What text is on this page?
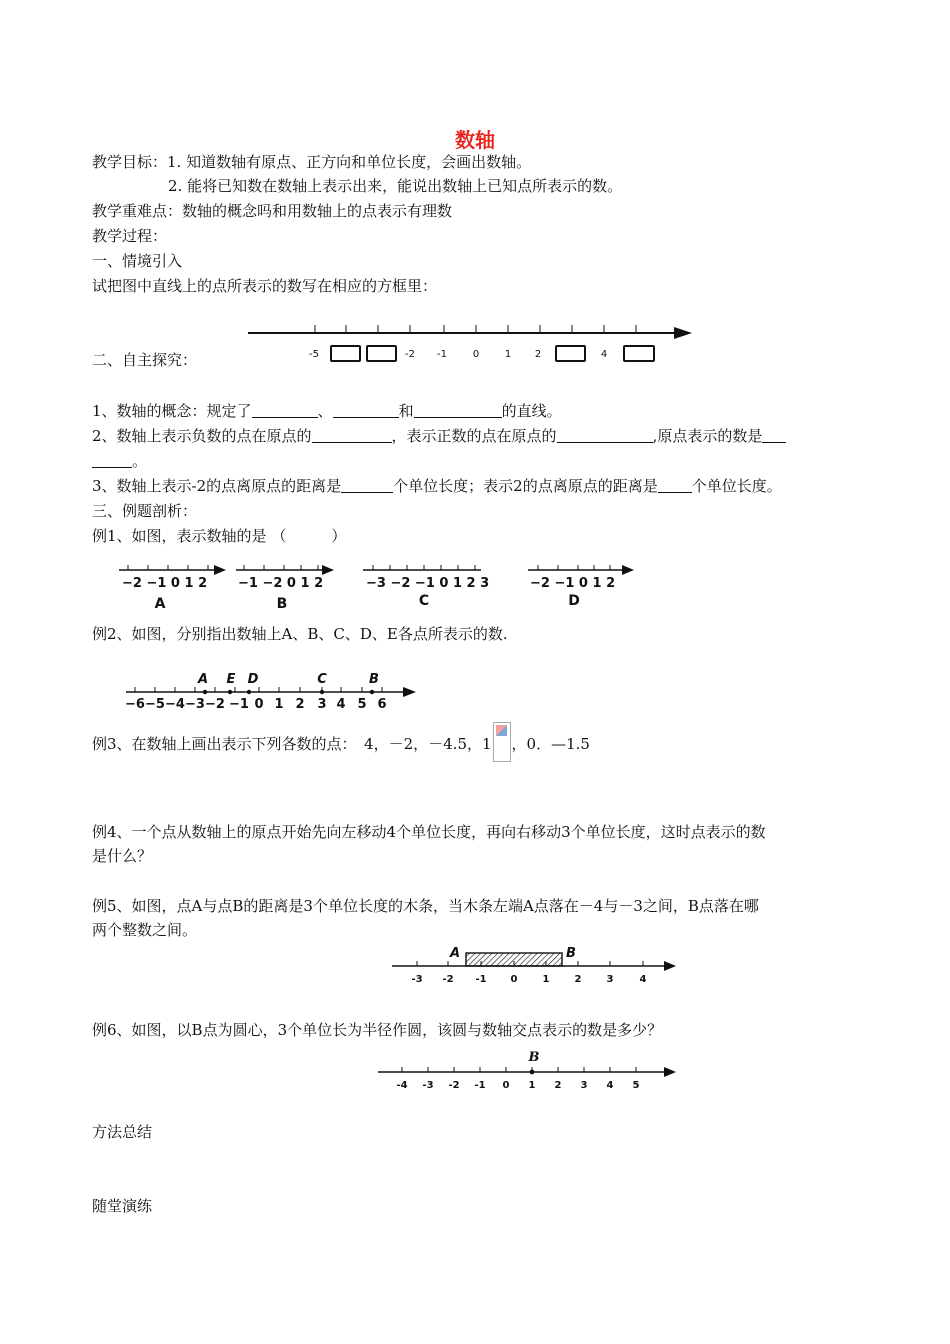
数轴
教学目标：1. 知道数轴有原点、正方向和单位长度，会画出数轴。
2. 能将已知数在数轴上表示出来，能说出数轴上已知点所表示的数。
教学重难点：数轴的概念吗和用数轴上的点表示有理数
教学过程：
一、情境引入
试把图中直线上的点所表示的数写在相应的方框里：
-5	-2 -1	0	1 2	4
二、自主探究：
1、数轴的概念：规定了	、	和	的直线。
2、数轴上表示负数的点在原点的	，表示正数的点在原点的	,原点表示的数是
。
3、数轴上表示-2的点离原点的距离是	个单位长度；表示2的点离原点的距离是 个单位长度。
三、例题剖析：
例1、如图，表示数轴的是 （　　　）
−2 −1 0 1 2 −1 −2 0 1 2	−3 −2 −1 0 1 2 3	−2 −1 0 1 2
A	B	C	D
例2、如图，分别指出数轴上A、B、C、D、E各点所表示的数.
A E D	C	B
−6 −5 −4 −3 −2 −1 0 1 2 3 4 5 6
例3、在数轴上画出表示下列各数的点：　4，－2，－4.5，1 ，0．—1.5
例4、一个点从数轴上的原点开始先向左移动4个单位长度，再向右移动3个单位长度，这时点表示的数
是什么？
例5、如图，点A与点B的距离是3个单位长度的木条，当木条左端A点落在－4与－3之间，B点落在哪
两个整数之间。
A	B
-3 -2 -1 0	1	2	3	4
例6、如图，以B点为圆心，3个单位长为半径作圆，该圆与数轴交点表示的数是多少？
B
-4 -3 -2 -1 0 1 2 3 4 5
方法总结
随堂演练
